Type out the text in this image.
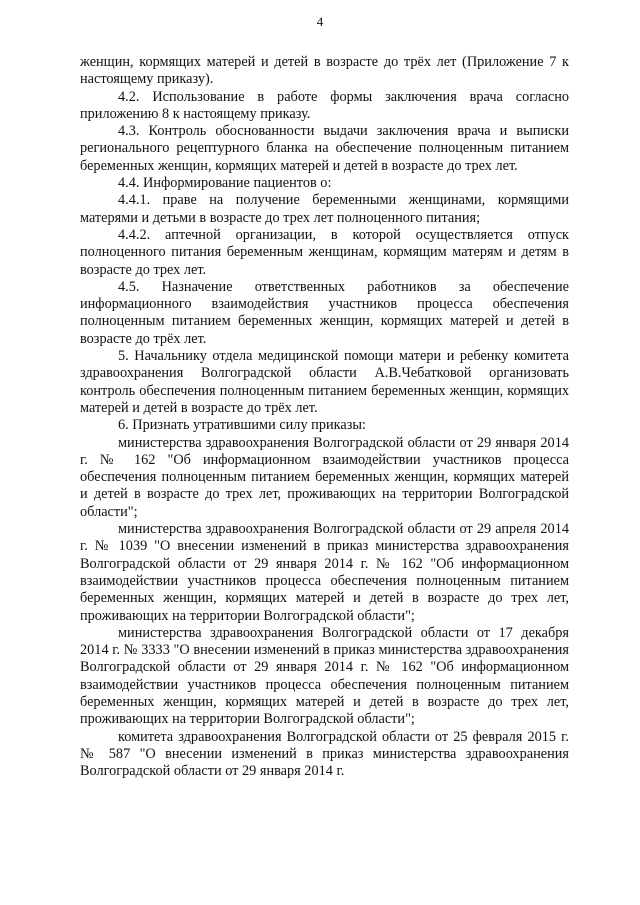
4

женщин, кормящих матерей и детей в возрасте до трёх лет (Приложение 7 к настоящему приказу).

4.2. Использование в работе формы заключения врача согласно приложению 8 к настоящему приказу.

4.3. Контроль обоснованности выдачи заключения врача и выписки регионального рецептурного бланка на обеспечение полноценным питанием беременных женщин, кормящих матерей и детей в возрасте до трех лет.

4.4. Информирование пациентов о:

4.4.1. праве на получение беременными женщинами, кормящими матерями и детьми в возрасте до трех лет полноценного питания;

4.4.2. аптечной организации, в которой осуществляется отпуск полноценного питания беременным женщинам, кормящим матерям и детям в возрасте до трех лет.

4.5. Назначение ответственных работников за обеспечение информационного взаимодействия участников процесса обеспечения полноценным питанием беременных женщин, кормящих матерей и детей в возрасте до трёх лет.

5. Начальнику отдела медицинской помощи матери и ребенку комитета здравоохранения Волгоградской области А.В.Чебатковой организовать контроль обеспечения полноценным питанием беременных женщин, кормящих матерей и детей в возрасте до трёх лет.

6. Признать утратившими силу приказы:

министерства здравоохранения Волгоградской области от 29 января 2014 г. № 162 "Об информационном взаимодействии участников процесса обеспечения полноценным питанием беременных женщин, кормящих матерей и детей в возрасте до трех лет, проживающих на территории Волгоградской области";

министерства здравоохранения Волгоградской области от 29 апреля 2014 г. № 1039 "О внесении изменений в приказ министерства здравоохранения Волгоградской области от 29 января 2014 г. № 162 "Об информационном взаимодействии участников процесса обеспечения полноценным питанием беременных женщин, кормящих матерей и детей в возрасте до трех лет, проживающих на территории Волгоградской области";

министерства здравоохранения Волгоградской области от 17 декабря 2014 г. № 3333 "О внесении изменений в приказ министерства здравоохранения Волгоградской области от 29 января 2014 г. № 162 "Об информационном взаимодействии участников процесса обеспечения полноценным питанием беременных женщин, кормящих матерей и детей в возрасте до трех лет, проживающих на территории Волгоградской области";

комитета здравоохранения Волгоградской области от 25 февраля 2015 г. № 587 "О внесении изменений в приказ министерства здравоохранения Волгоградской области от 29 января 2014 г.
